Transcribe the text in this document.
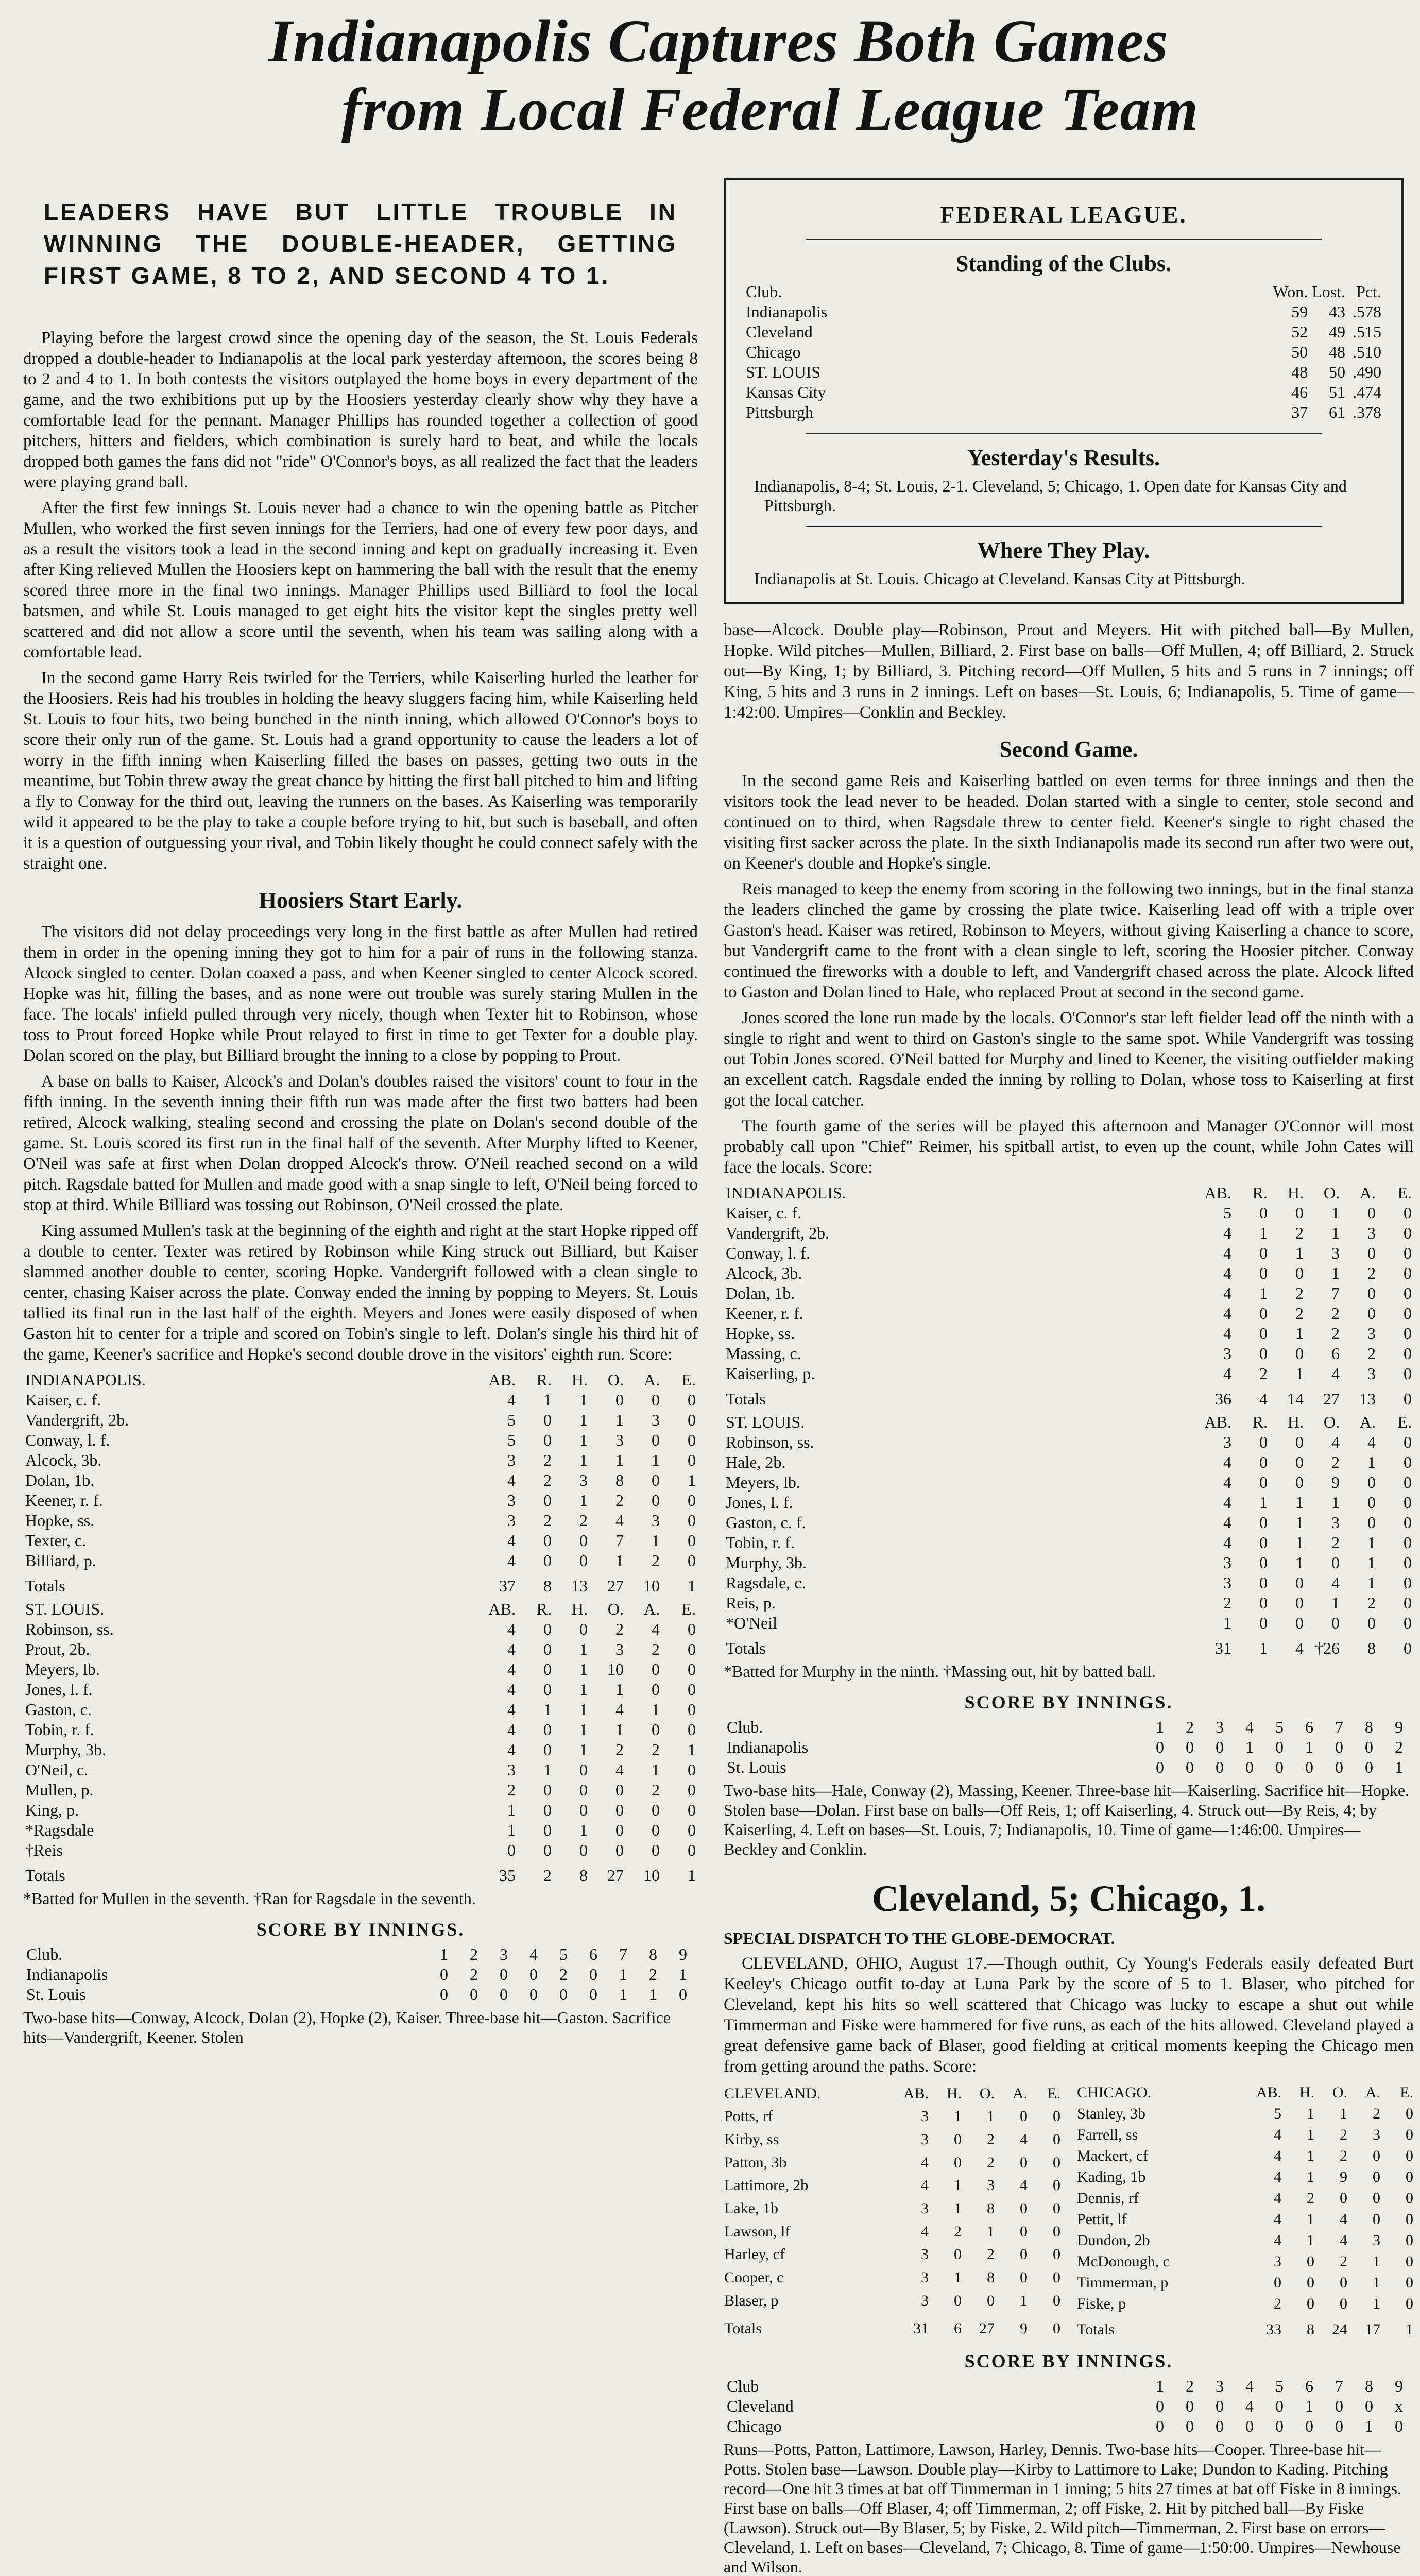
Indianapolis Captures Both Games
from Local Federal League Team
LEADERS HAVE BUT LITTLE TROUBLE IN WINNING THE DOUBLE-HEADER, GETTING FIRST GAME, 8 TO 2, AND SECOND 4 TO 1.

Playing before the largest crowd since the opening day of the season, the St. Louis Federals dropped a double-header to Indianapolis at the local park yesterday afternoon, the scores being 8 to 2 and 4 to 1. In both contests the visitors outplayed the home boys in every department of the game, and the two exhibitions put up by the Hoosiers yesterday clearly show why they have a comfortable lead for the pennant. Manager Phillips has rounded together a collection of good pitchers, hitters and fielders, which combination is surely hard to beat, and while the locals dropped both games the fans did not "ride" O'Connor's boys, as all realized the fact that the leaders were playing grand ball.

After the first few innings St. Louis never had a chance to win the opening battle as Pitcher Mullen, who worked the first seven innings for the Terriers, had one of every few poor days, and as a result the visitors took a lead in the second inning and kept on gradually increasing it. Even after King relieved Mullen the Hoosiers kept on hammering the ball with the result that the enemy scored three more in the final two innings. Manager Phillips used Billiard to fool the local batsmen, and while St. Louis managed to get eight hits the visitor kept the singles pretty well scattered and did not allow a score until the seventh, when his team was sailing along with a comfortable lead.

In the second game Harry Reis twirled for the Terriers, while Kaiserling hurled the leather for the Hoosiers. Reis had his troubles in holding the heavy sluggers facing him, while Kaiserling held St. Louis to four hits, two being bunched in the ninth inning, which allowed O'Connor's boys to score their only run of the game. St. Louis had a grand opportunity to cause the leaders a lot of worry in the fifth inning when Kaiserling filled the bases on passes, getting two outs in the meantime, but Tobin threw away the great chance by hitting the first ball pitched to him and lifting a fly to Conway for the third out, leaving the runners on the bases. As Kaiserling was temporarily wild it appeared to be the play to take a couple before trying to hit, but such is baseball, and often it is a question of outguessing your rival, and Tobin likely thought he could connect safely with the straight one.

Hoosiers Start Early.

The visitors did not delay proceedings very long in the first battle as after Mullen had retired them in order in the opening inning they got to him for a pair of runs in the following stanza. Alcock singled to center. Dolan coaxed a pass, and when Keener singled to center Alcock scored. Hopke was hit, filling the bases, and as none were out trouble was surely staring Mullen in the face. The locals' infield pulled through very nicely, though when Texter hit to Robinson, whose toss to Prout forced Hopke while Prout relayed to first in time to get Texter for a double play. Dolan scored on the play, but Billiard brought the inning to a close by popping to Prout.

A base on balls to Kaiser, Alcock's and Dolan's doubles raised the visitors' count to four in the fifth inning. In the seventh inning their fifth run was made after the first two batters had been retired, Alcock walking, stealing second and crossing the plate on Dolan's second double of the game. St. Louis scored its first run in the final half of the seventh. After Murphy lifted to Keener, O'Neil was safe at first when Dolan dropped Alcock's throw. O'Neil reached second on a wild pitch. Ragsdale batted for Mullen and made good with a snap single to left, O'Neil being forced to stop at third. While Billiard was tossing out Robinson, O'Neil crossed the plate.

King assumed Mullen's task at the beginning of the eighth and right at the start Hopke ripped off a double to center. Texter was retired by Robinson while King struck out Billiard, but Kaiser slammed another double to center, scoring Hopke. Vandergrift followed with a clean single to center, chasing Kaiser across the plate. Conway ended the inning by popping to Meyers. St. Louis tallied its final run in the last half of the eighth. Meyers and Jones were easily disposed of when Gaston hit to center for a triple and scored on Tobin's single to left. Dolan's single his third hit of the game, Keener's sacrifice and Hopke's second double drove in the visitors' eighth run. Score:

INDIANAPOLIS.	AB.	R.	H.	O.	A.	E.
Kaiser, c. f.	4	1	1	0	0	0
Vandergrift, 2b.	5	0	1	1	3	0
Conway, l. f.	5	0	1	3	0	0
Alcock, 3b.	3	2	1	1	1	0
Dolan, 1b.	4	2	3	8	0	1
Keener, r. f.	3	0	1	2	0	0
Hopke, ss.	3	2	2	4	3	0
Texter, c.	4	0	0	7	1	0
Billiard, p.	4	0	0	1	2	0
Totals	37	8	13	27	10	1
ST. LOUIS.	AB.	R.	H.	O.	A.	E.
Robinson, ss.	4	0	0	2	4	0
Prout, 2b.	4	0	1	3	2	0
Meyers, lb.	4	0	1	10	0	0
Jones, l. f.	4	0	1	1	0	0
Gaston, c.	4	1	1	4	1	0
Tobin, r. f.	4	0	1	1	0	0
Murphy, 3b.	4	0	1	2	2	1
O'Neil, c.	3	1	0	4	1	0
Mullen, p.	2	0	0	0	2	0
King, p.	1	0	0	0	0	0
*Ragsdale	1	0	1	0	0	0
†Reis	0	0	0	0	0	0
Totals	35	2	8	27	10	1
*Batted for Mullen in the seventh. †Ran for Ragsdale in the seventh.
SCORE BY INNINGS.
Club.	1	2	3	4	5	6	7	8	9
Indianapolis	0	2	0	0	2	0	1	2	1
St. Louis	0	0	0	0	0	0	1	1	0
Two-base hits—Conway, Alcock, Dolan (2), Hopke (2), Kaiser. Three-base hit—Gaston. Sacrifice hits—Vandergrift, Keener. Stolen
FEDERAL LEAGUE.
Standing of the Clubs.
Club.	Won.	Lost.	Pct.
Indianapolis	59	43	.578
Cleveland	52	49	.515
Chicago	50	48	.510
ST. LOUIS	48	50	.490
Kansas City	46	51	.474
Pittsburgh	37	61	.378
Yesterday's Results.
Indianapolis, 8-4; St. Louis, 2-1. Cleveland, 5; Chicago, 1. Open date for Kansas City and Pittsburgh.
Where They Play.
Indianapolis at St. Louis. Chicago at Cleveland. Kansas City at Pittsburgh.

base—Alcock. Double play—Robinson, Prout and Meyers. Hit with pitched ball—By Mullen, Hopke. Wild pitches—Mullen, Billiard, 2. First base on balls—Off Mullen, 4; off Billiard, 2. Struck out—By King, 1; by Billiard, 3. Pitching record—Off Mullen, 5 hits and 5 runs in 7 innings; off King, 5 hits and 3 runs in 2 innings. Left on bases—St. Louis, 6; Indianapolis, 5. Time of game—1:42:00. Umpires—Conklin and Beckley.

Second Game.

In the second game Reis and Kaiserling battled on even terms for three innings and then the visitors took the lead never to be headed. Dolan started with a single to center, stole second and continued on to third, when Ragsdale threw to center field. Keener's single to right chased the visiting first sacker across the plate. In the sixth Indianapolis made its second run after two were out, on Keener's double and Hopke's single.

Reis managed to keep the enemy from scoring in the following two innings, but in the final stanza the leaders clinched the game by crossing the plate twice. Kaiserling lead off with a triple over Gaston's head. Kaiser was retired, Robinson to Meyers, without giving Kaiserling a chance to score, but Vandergrift came to the front with a clean single to left, scoring the Hoosier pitcher. Conway continued the fireworks with a double to left, and Vandergrift chased across the plate. Alcock lifted to Gaston and Dolan lined to Hale, who replaced Prout at second in the second game.

Jones scored the lone run made by the locals. O'Connor's star left fielder lead off the ninth with a single to right and went to third on Gaston's single to the same spot. While Vandergrift was tossing out Tobin Jones scored. O'Neil batted for Murphy and lined to Keener, the visiting outfielder making an excellent catch. Ragsdale ended the inning by rolling to Dolan, whose toss to Kaiserling at first got the local catcher.

The fourth game of the series will be played this afternoon and Manager O'Connor will most probably call upon "Chief" Reimer, his spitball artist, to even up the count, while John Cates will face the locals. Score:

INDIANAPOLIS.	AB.	R.	H.	O.	A.	E.
Kaiser, c. f.	5	0	0	1	0	0
Vandergrift, 2b.	4	1	2	1	3	0
Conway, l. f.	4	0	1	3	0	0
Alcock, 3b.	4	0	0	1	2	0
Dolan, 1b.	4	1	2	7	0	0
Keener, r. f.	4	0	2	2	0	0
Hopke, ss.	4	0	1	2	3	0
Massing, c.	3	0	0	6	2	0
Kaiserling, p.	4	2	1	4	3	0
Totals	36	4	14	27	13	0
ST. LOUIS.	AB.	R.	H.	O.	A.	E.
Robinson, ss.	3	0	0	4	4	0
Hale, 2b.	4	0	0	2	1	0
Meyers, lb.	4	0	0	9	0	0
Jones, l. f.	4	1	1	1	0	0
Gaston, c. f.	4	0	1	3	0	0
Tobin, r. f.	4	0	1	2	1	0
Murphy, 3b.	3	0	1	0	1	0
Ragsdale, c.	3	0	0	4	1	0
Reis, p.	2	0	0	1	2	0
*O'Neil	1	0	0	0	0	0
Totals	31	1	4	†26	8	0
*Batted for Murphy in the ninth. †Massing out, hit by batted ball.
SCORE BY INNINGS.
Club.	1	2	3	4	5	6	7	8	9
Indianapolis	0	0	0	1	0	1	0	0	2
St. Louis	0	0	0	0	0	0	0	0	1
Two-base hits—Hale, Conway (2), Massing, Keener. Three-base hit—Kaiserling. Sacrifice hit—Hopke. Stolen base—Dolan. First base on balls—Off Reis, 1; off Kaiserling, 4. Struck out—By Reis, 4; by Kaiserling, 4. Left on bases—St. Louis, 7; Indianapolis, 10. Time of game—1:46:00. Umpires—Beckley and Conklin.
Cleveland, 5; Chicago, 1.
SPECIAL DISPATCH TO THE GLOBE-DEMOCRAT.

CLEVELAND, OHIO, August 17.—Though outhit, Cy Young's Federals easily defeated Burt Keeley's Chicago outfit to-day at Luna Park by the score of 5 to 1. Blaser, who pitched for Cleveland, kept his hits so well scattered that Chicago was lucky to escape a shut out while Timmerman and Fiske were hammered for five runs, as each of the hits allowed. Cleveland played a great defensive game back of Blaser, good fielding at critical moments keeping the Chicago men from getting around the paths. Score:

CLEVELAND.	AB.	H.	O.	A.	E.
Potts, rf	3	1	1	0	0
Kirby, ss	3	0	2	4	0
Patton, 3b	4	0	2	0	0
Lattimore, 2b	4	1	3	4	0
Lake, 1b	3	1	8	0	0
Lawson, lf	4	2	1	0	0
Harley, cf	3	0	2	0	0
Cooper, c	3	1	8	0	0
Blaser, p	3	0	0	1	0
Totals	31	6	27	9	0
CHICAGO.	AB.	H.	O.	A.	E.
Stanley, 3b	5	1	1	2	0
Farrell, ss	4	1	2	3	0
Mackert, cf	4	1	2	0	0
Kading, 1b	4	1	9	0	0
Dennis, rf	4	2	0	0	0
Pettit, lf	4	1	4	0	0
Dundon, 2b	4	1	4	3	0
McDonough, c	3	0	2	1	0
Timmerman, p	0	0	0	1	0
Fiske, p	2	0	0	1	0
Totals	33	8	24	17	1
SCORE BY INNINGS.
Club	1	2	3	4	5	6	7	8	9
Cleveland	0	0	0	4	0	1	0	0	x
Chicago	0	0	0	0	0	0	0	1	0
Runs—Potts, Patton, Lattimore, Lawson, Harley, Dennis. Two-base hits—Cooper. Three-base hit—Potts. Stolen base—Lawson. Double play—Kirby to Lattimore to Lake; Dundon to Kading. Pitching record—One hit 3 times at bat off Timmerman in 1 inning; 5 hits 27 times at bat off Fiske in 8 innings. First base on balls—Off Blaser, 4; off Timmerman, 2; off Fiske, 2. Hit by pitched ball—By Fiske (Lawson). Struck out—By Blaser, 5; by Fiske, 2. Wild pitch—Timmerman, 2. First base on errors—Cleveland, 1. Left on bases—Cleveland, 7; Chicago, 8. Time of game—1:50:00. Umpires—Newhouse and Wilson.
